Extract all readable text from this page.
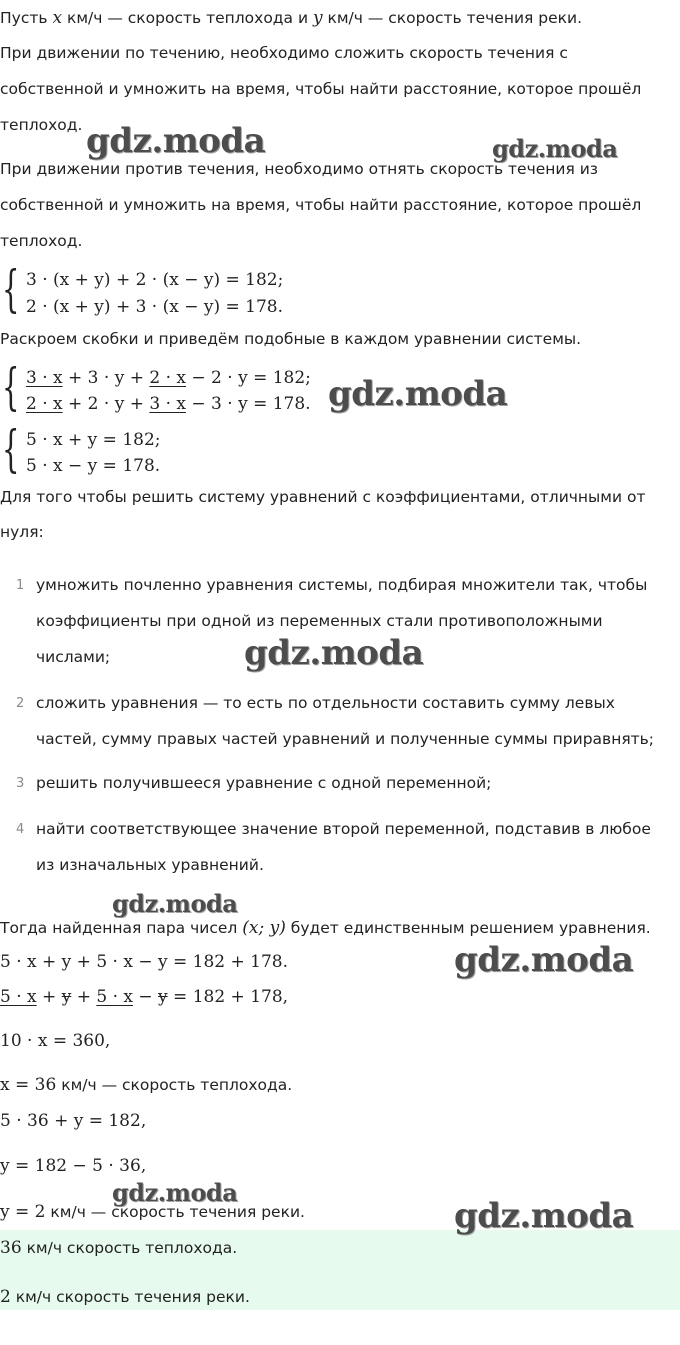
Пусть x км/ч — скорость теплохода и y км/ч — скорость течения реки.
При движении по течению, необходимо сложить скорость течения с
собственной и умножить на время, чтобы найти расстояние, которое прошёл
теплоход.
При движении против течения, необходимо отнять скорость течения из
собственной и умножить на время, чтобы найти расстояние, которое прошёл
теплоход.
{ 3 · (x + y) + 2 · (x − y) = 182;
2 · (x + y) + 3 · (x − y) = 178.
Раскроем скобки и приведём подобные в каждом уравнении системы.
{ 3 · x + 3 · y + 2 · x − 2 · y = 182;
2 · x + 2 · y + 3 · x − 3 · y = 178.
{ 5 · x + y = 182;
5 · x − y = 178.
Для того чтобы решить систему уравнений с коэффициентами, отличными от
нуля:
1 умножить почленно уравнения системы, подбирая множители так, чтобы
коэффициенты при одной из переменных стали противоположными
числами;
2 сложить уравнения — то есть по отдельности составить сумму левых
частей, сумму правых частей уравнений и полученные суммы приравнять;
3 решить получившееся уравнение с одной переменной;
4 найти соответствующее значение второй переменной, подставив в любое
из изначальных уравнений.
Тогда найденная пара чисел (x; y) будет единственным решением уравнения.
5 · x + y + 5 · x − y = 182 + 178.
5 · x + y + 5 · x − y = 182 + 178,
10 · x = 360,
x = 36 км/ч — скорость теплохода.
5 · 36 + y = 182,
y = 182 − 5 · 36,
y = 2 км/ч — скорость течения реки.
36 км/ч скорость теплохода.
2 км/ч скорость течения реки.
gdz.moda	gdz.moda
gdz.moda
gdz.moda
gdz.moda
gdz.moda
gdz.moda
gdz.moda
